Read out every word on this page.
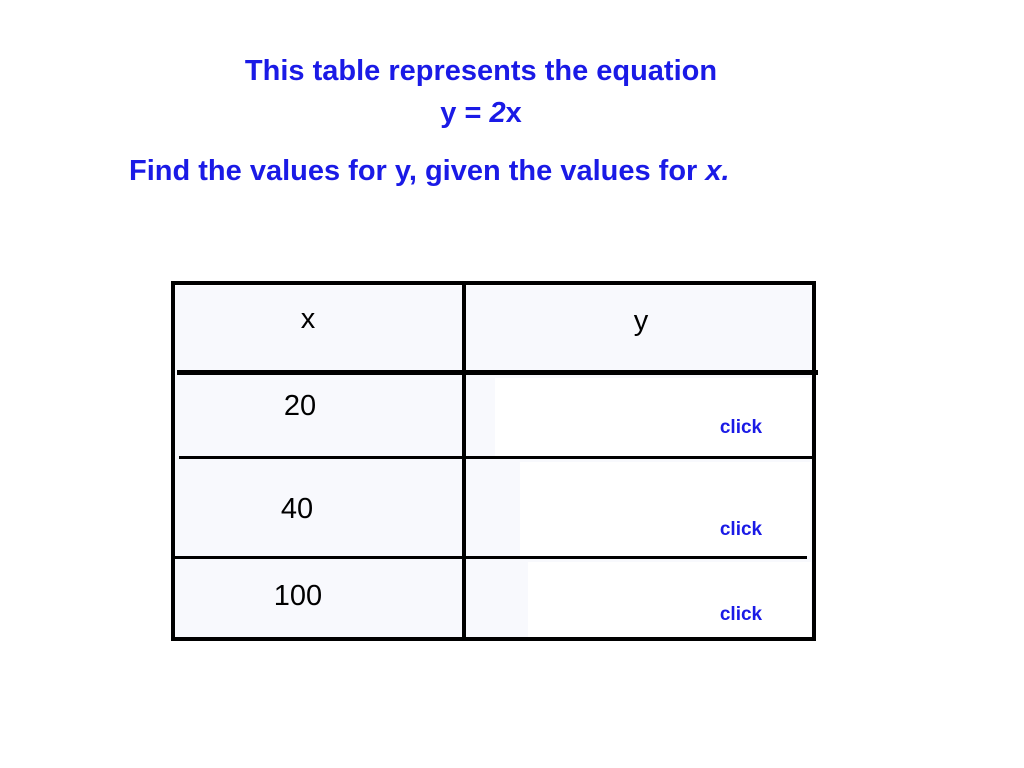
This table represents the equation
y = 2x
Find the values for y, given the values for x.
x	y
20
40
100
click
click
click
